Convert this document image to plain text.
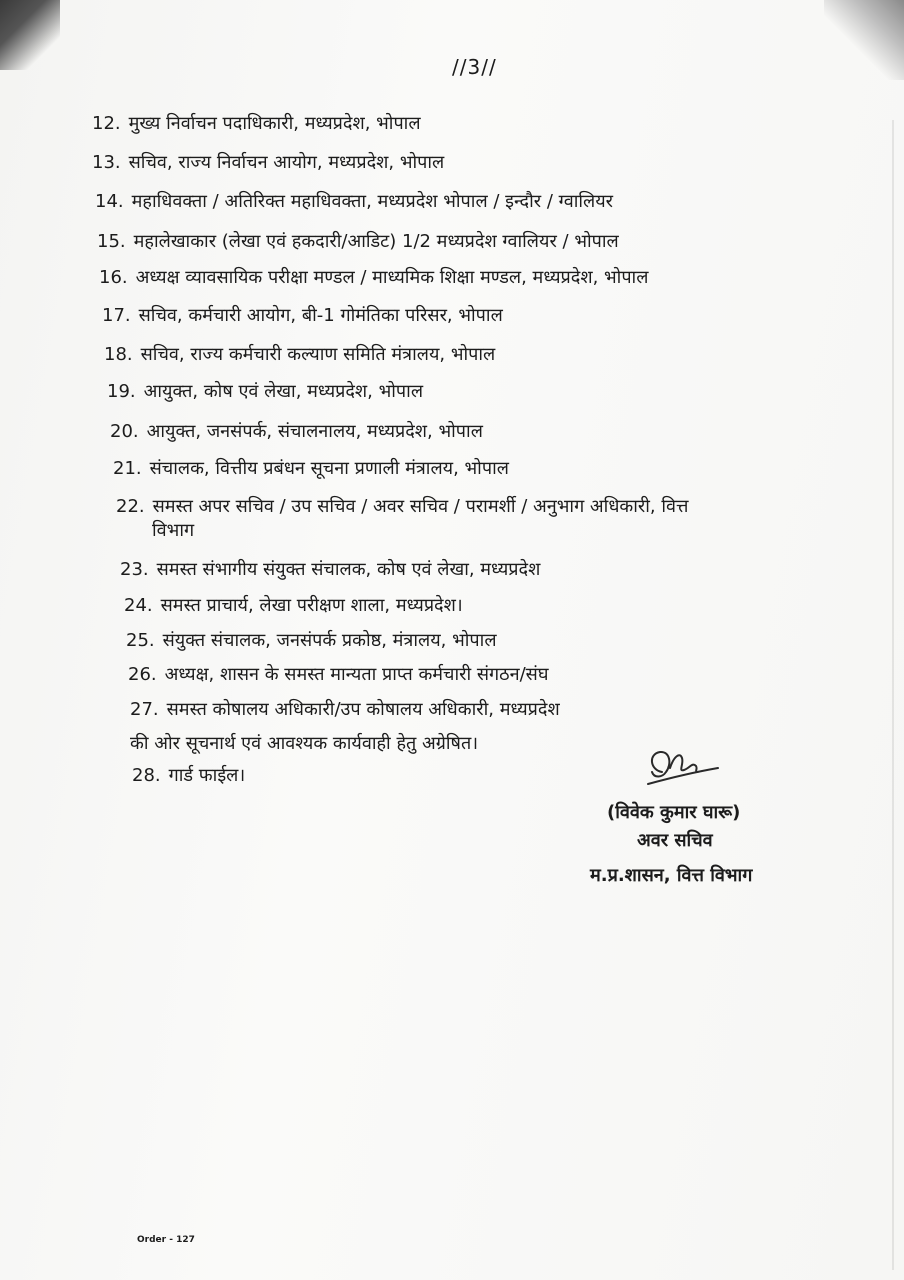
//3//
12. मुख्य निर्वाचन पदाधिकारी, मध्यप्रदेश, भोपाल
13. सचिव, राज्य निर्वाचन आयोग, मध्यप्रदेश, भोपाल
14. महाधिवक्ता / अतिरिक्त महाधिवक्ता, मध्यप्रदेश भोपाल / इन्दौर / ग्वालियर
15. महालेखाकार (लेखा एवं हकदारी/आडिट) 1/2 मध्यप्रदेश ग्वालियर / भोपाल
16. अध्यक्ष व्यावसायिक परीक्षा मण्डल / माध्यमिक शिक्षा मण्डल, मध्यप्रदेश, भोपाल
17. सचिव, कर्मचारी आयोग, बी-1 गोमंतिका परिसर, भोपाल
18. सचिव, राज्य कर्मचारी कल्याण समिति मंत्रालय, भोपाल
19. आयुक्त, कोष एवं लेखा, मध्यप्रदेश, भोपाल
20. आयुक्त, जनसंपर्क, संचालनालय, मध्यप्रदेश, भोपाल
21. संचालक, वित्तीय प्रबंधन सूचना प्रणाली मंत्रालय, भोपाल
22. समस्त अपर सचिव / उप सचिव / अवर सचिव / परामर्शी / अनुभाग अधिकारी, वित्त
विभाग
23. समस्त संभागीय संयुक्त संचालक, कोष एवं लेखा, मध्यप्रदेश
24. समस्त प्राचार्य, लेखा परीक्षण शाला, मध्यप्रदेश।
25. संयुक्त संचालक, जनसंपर्क प्रकोष्ठ, मंत्रालय, भोपाल
26. अध्यक्ष, शासन के समस्त मान्यता प्राप्त कर्मचारी संगठन/संघ
27. समस्त कोषालय अधिकारी/उप कोषालय अधिकारी, मध्यप्रदेश
की ओर सूचनार्थ एवं आवश्यक कार्यवाही हेतु अग्रेषित।
28. गार्ड फाईल।
(विवेक कुमार घारू)
अवर सचिव
म.प्र.शासन, वित्त विभाग
Order - 127
